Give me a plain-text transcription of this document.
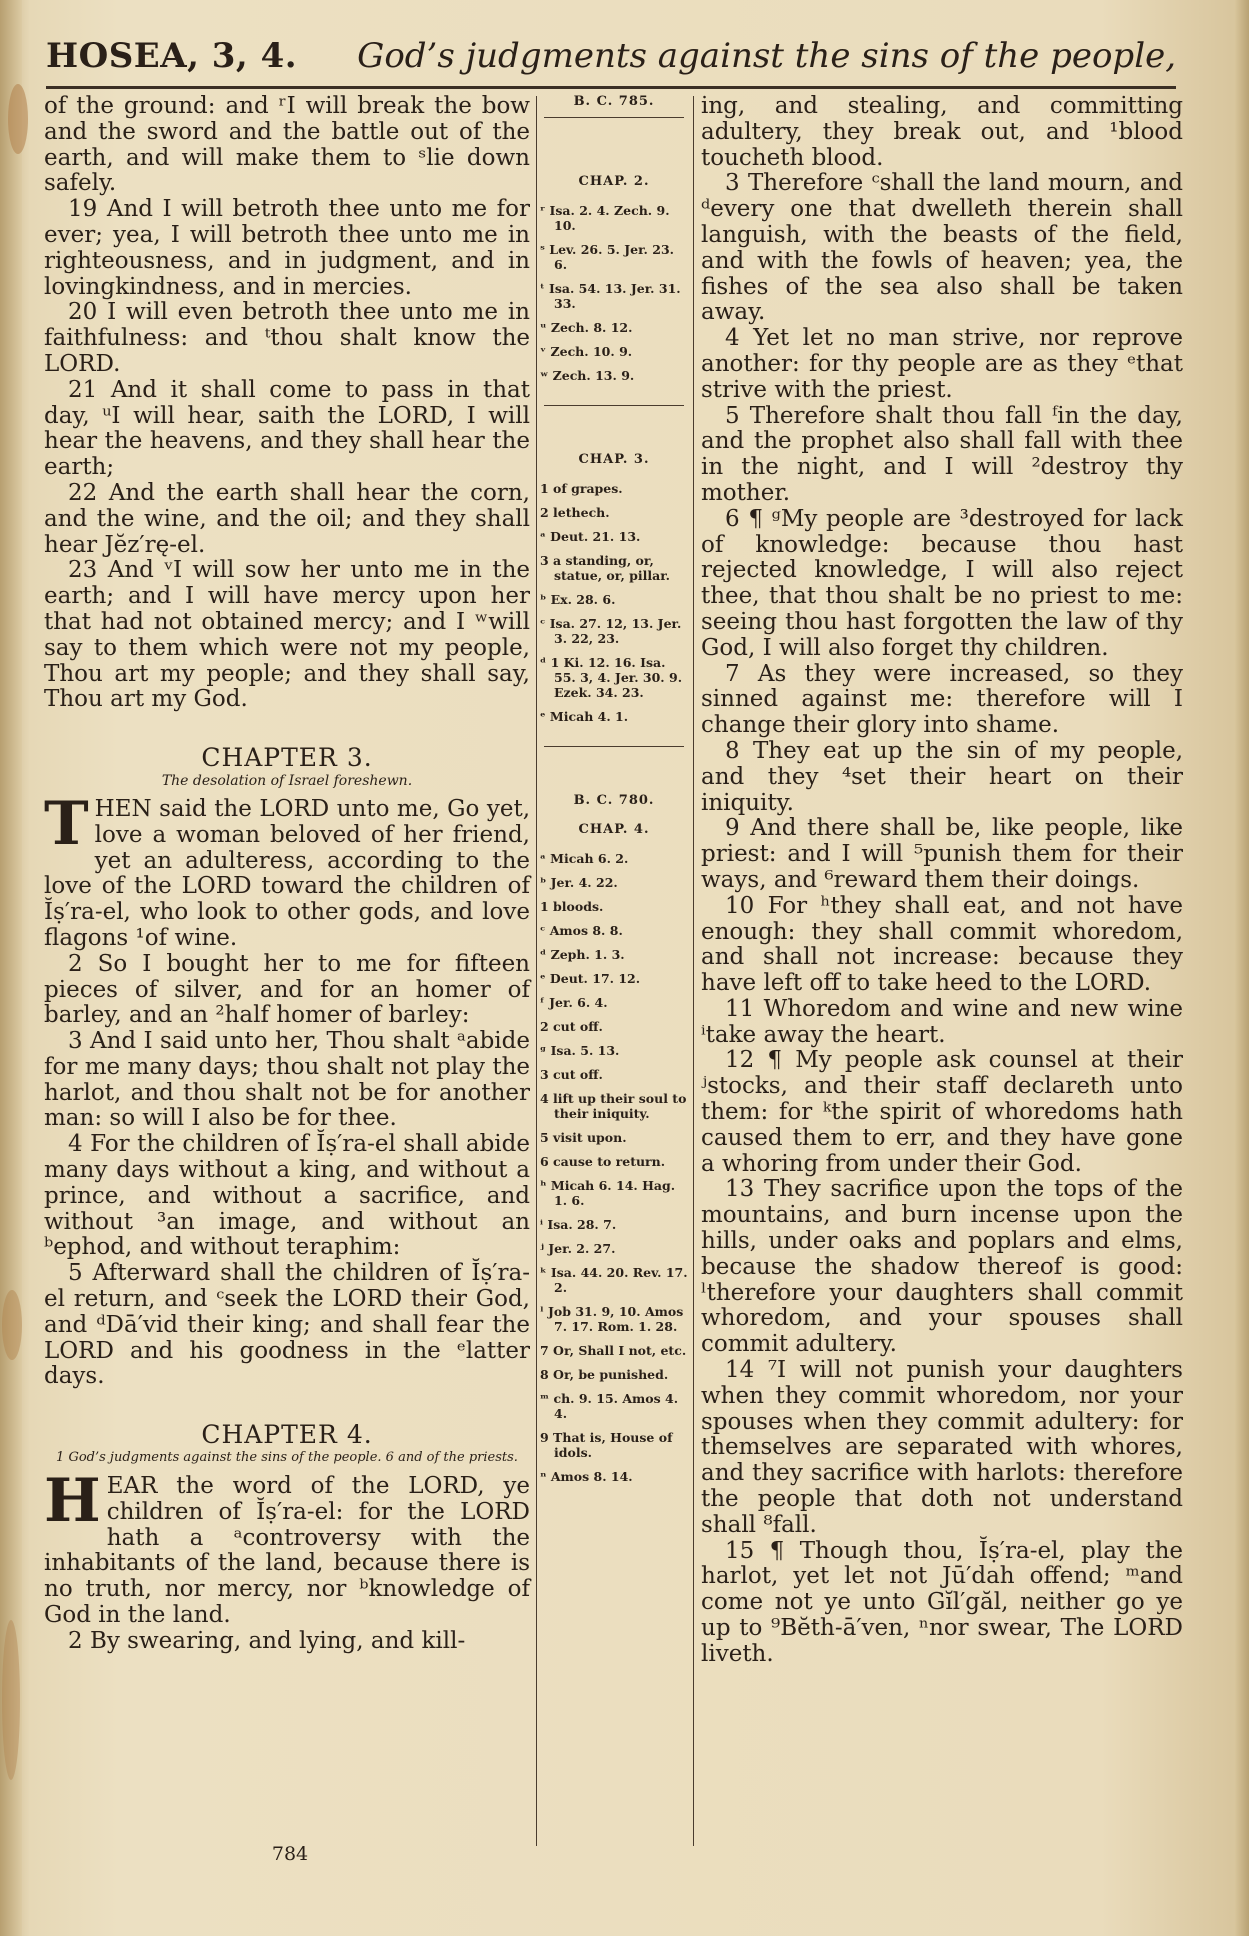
HOSEA, 3, 4. God’s judgments against the sins of the people,

of the ground: and ʳI will break the bow and the sword and the battle out of the earth, and will make them to ˢlie down safely.

19 And I will betroth thee unto me for ever; yea, I will betroth thee unto me in righteousness, and in judgment, and in lovingkindness, and in mercies.

20 I will even betroth thee unto me in faithfulness: and ᵗthou shalt know the LORD.

21 And it shall come to pass in that day, ᵘI will hear, saith the LORD, I will hear the heavens, and they shall hear the earth;

22 And the earth shall hear the corn, and the wine, and the oil; and they shall hear Jĕz′rę-el.

23 And ᵛI will sow her unto me in the earth; and I will have mercy upon her that had not obtained mercy; and I ʷwill say to them which were not my people, Thou art my people; and they shall say, Thou art my God.

CHAPTER 3.
The desolation of Israel foreshewn.

THEN said the LORD unto me, Go yet, love a woman beloved of her friend, yet an adulteress, according to the love of the LORD toward the children of Ĭṣ′ra-el, who look to other gods, and love flagons ¹of wine.

2 So I bought her to me for fifteen pieces of silver, and for an homer of barley, and an ²half homer of barley:

3 And I said unto her, Thou shalt ᵃabide for me many days; thou shalt not play the harlot, and thou shalt not be for another man: so will I also be for thee.

4 For the children of Ĭṣ′ra-el shall abide many days without a king, and without a prince, and without a sacrifice, and without ³an image, and without an ᵇephod, and without teraphim:

5 Afterward shall the children of Ĭṣ′ra-el return, and ᶜseek the LORD their God, and ᵈDā′vid their king; and shall fear the LORD and his goodness in the ᵉlatter days.

CHAPTER 4.
1 God’s judgments against the sins of the people. 6 and of the priests.

HEAR the word of the LORD, ye children of Ĭṣ′ra-el: for the LORD hath a ᵃcontroversy with the inhabitants of the land, because there is no truth, nor mercy, nor ᵇknowledge of God in the land.

2 By swearing, and lying, and kill-

B. C. 785.
CHAP. 2.
ʳ Isa. 2. 4. Zech. 9. 10.
ˢ Lev. 26. 5. Jer. 23. 6.
ᵗ Isa. 54. 13. Jer. 31. 33.
ᵘ Zech. 8. 12.
ᵛ Zech. 10. 9.
ʷ Zech. 13. 9.
CHAP. 3.
1 of grapes.
2 lethech.
ᵃ Deut. 21. 13.
3 a standing, or, statue, or, pillar.
ᵇ Ex. 28. 6.
ᶜ Isa. 27. 12, 13. Jer. 3. 22, 23.
ᵈ 1 Ki. 12. 16. Isa. 55. 3, 4. Jer. 30. 9. Ezek. 34. 23.
ᵉ Micah 4. 1.
B. C. 780.
CHAP. 4.
ᵃ Micah 6. 2.
ᵇ Jer. 4. 22.
1 bloods.
ᶜ Amos 8. 8.
ᵈ Zeph. 1. 3.
ᵉ Deut. 17. 12.
ᶠ Jer. 6. 4.
2 cut off.
ᵍ Isa. 5. 13.
3 cut off.
4 lift up their soul to their iniquity.
5 visit upon.
6 cause to return.
ʰ Micah 6. 14. Hag. 1. 6.
ⁱ Isa. 28. 7.
ʲ Jer. 2. 27.
ᵏ Isa. 44. 20. Rev. 17. 2.
ˡ Job 31. 9, 10. Amos 7. 17. Rom. 1. 28.
7 Or, Shall I not, etc.
8 Or, be punished.
ᵐ ch. 9. 15. Amos 4. 4.
9 That is, House of idols.
ⁿ Amos 8. 14.

ing, and stealing, and committing adultery, they break out, and ¹blood toucheth blood.

3 Therefore ᶜshall the land mourn, and ᵈevery one that dwelleth therein shall languish, with the beasts of the field, and with the fowls of heaven; yea, the fishes of the sea also shall be taken away.

4 Yet let no man strive, nor reprove another: for thy people are as they ᵉthat strive with the priest.

5 Therefore shalt thou fall ᶠin the day, and the prophet also shall fall with thee in the night, and I will ²destroy thy mother.

6 ¶ ᵍMy people are ³destroyed for lack of knowledge: because thou hast rejected knowledge, I will also reject thee, that thou shalt be no priest to me: seeing thou hast forgotten the law of thy God, I will also forget thy children.

7 As they were increased, so they sinned against me: therefore will I change their glory into shame.

8 They eat up the sin of my people, and they ⁴set their heart on their iniquity.

9 And there shall be, like people, like priest: and I will ⁵punish them for their ways, and ⁶reward them their doings.

10 For ʰthey shall eat, and not have enough: they shall commit whoredom, and shall not increase: because they have left off to take heed to the LORD.

11 Whoredom and wine and new wine ⁱtake away the heart.

12 ¶ My people ask counsel at their ʲstocks, and their staff declareth unto them: for ᵏthe spirit of whoredoms hath caused them to err, and they have gone a whoring from under their God.

13 They sacrifice upon the tops of the mountains, and burn incense upon the hills, under oaks and poplars and elms, because the shadow thereof is good: ˡtherefore your daughters shall commit whoredom, and your spouses shall commit adultery.

14 ⁷I will not punish your daughters when they commit whoredom, nor your spouses when they commit adultery: for themselves are separated with whores, and they sacrifice with harlots: therefore the people that doth not understand shall ⁸fall.

15 ¶ Though thou, Ĭṣ′ra-el, play the harlot, yet let not Jū′dah offend; ᵐand come not ye unto Gĭl′găl, neither go ye up to ⁹Bĕth-ā′ven, ⁿnor swear, The LORD liveth.

784
